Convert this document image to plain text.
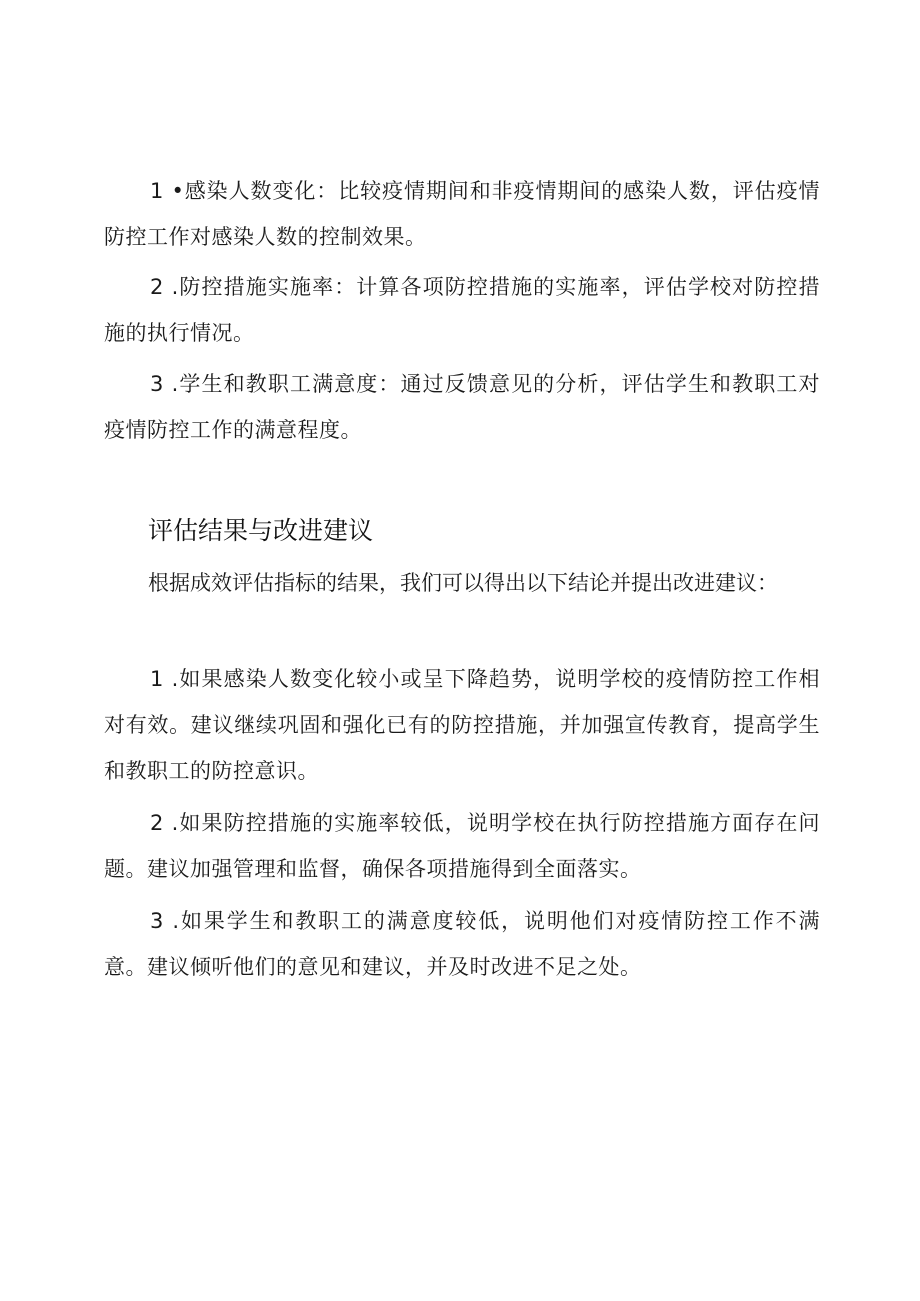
1 •感染人数变化：比较疫情期间和非疫情期间的感染人数，评估疫情防控工作对感染人数的控制效果。

2 .防控措施实施率：计算各项防控措施的实施率，评估学校对防控措施的执行情况。

3 .学生和教职工满意度：通过反馈意见的分析，评估学生和教职工对疫情防控工作的满意程度。

评估结果与改进建议

根据成效评估指标的结果，我们可以得出以下结论并提出改进建议：

1 .如果感染人数变化较小或呈下降趋势，说明学校的疫情防控工作相对有效。建议继续巩固和强化已有的防控措施，并加强宣传教育，提高学生和教职工的防控意识。

2 .如果防控措施的实施率较低，说明学校在执行防控措施方面存在问题。建议加强管理和监督，确保各项措施得到全面落实。

3 .如果学生和教职工的满意度较低，说明他们对疫情防控工作不满意。建议倾听他们的意见和建议，并及时改进不足之处。
